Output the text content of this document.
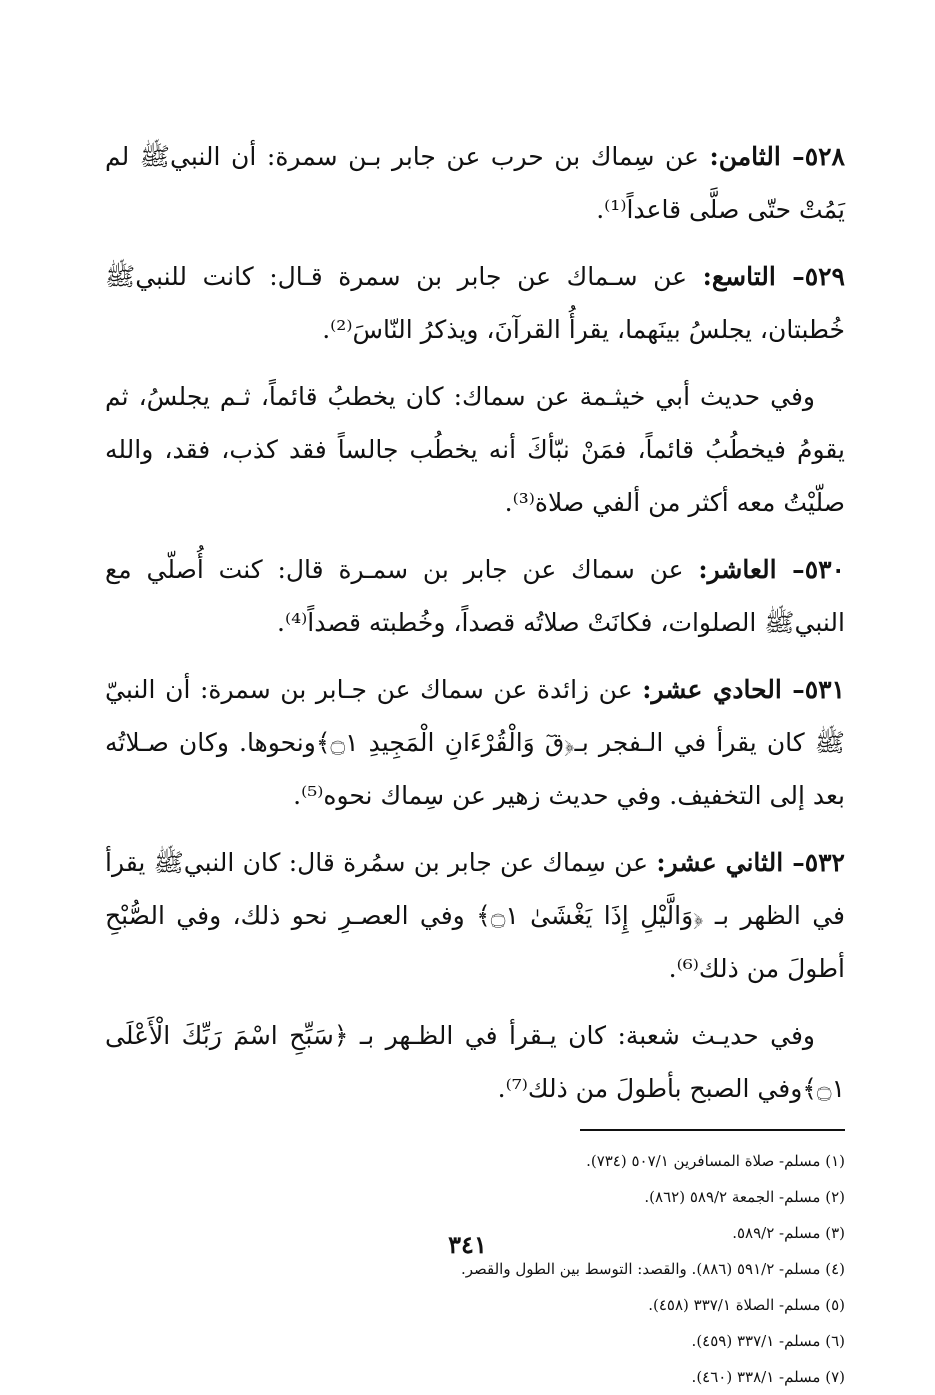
٥٢٨– الثامن: عن سِماك بن حرب عن جابر بـن سمرة: أن النبيﷺ لم يَمُتْ حتّى صلَّى قاعداً⁽¹⁾.

٥٢٩– التاسع: عن سـماك عن جابر بن سمرة قـال: كانت للنبيﷺ خُطبتان، يجلسُ بينَهما، يقرأُ القرآنَ، ويذكرُ النّاسَ⁽²⁾.

وفي حديث أبي خيثـمة عن سماك: كان يخطبُ قائماً، ثـم يجلسُ، ثم يقومُ فيخطُبُ قائماً، فمَنْ نبّأكَ أنه يخطُب جالساً فقد كذب، فقد، والله صلّيْتُ معه أكثر من ألفي صلاة⁽³⁾.

٥٣٠– العاشر: عن سماك عن جابر بن سمـرة قال: كنت أُصلّي مع النبيﷺ الصلوات، فكانَتْ صلاتُه قصداً، وخُطبته قصداً⁽⁴⁾.

٥٣١– الحادي عشر: عن زائدة عن سماك عن جـابر بن سمرة: أن النبيّ ﷺ كان يقرأ في الـفجر بـ﴿قٓ وَالْقُرْءَانِ الْمَجِيدِ ۝١﴾ونحوها. وكان صـلاتُه بعد إلى التخفيف. وفي حديث زهير عن سِماك نحوه⁽⁵⁾.

٥٣٢– الثاني عشر: عن سِماك عن جابر بن سمُرة قال: كان النبيﷺ يقرأ في الظهر بـ ﴿وَالَّيْلِ إِذَا يَغْشَىٰ ۝١﴾ وفي العصـرِ نحو ذلك، وفي الصُّبْحِ أطولَ من ذلك⁽⁶⁾.

وفي حديـث شعبة: كان يـقرأ في الظـهر بـ ﴿سَبِّحِ اسْمَ رَبِّكَ الْأَعْلَى ۝١﴾وفي الصبح بأطولَ من ذلك⁽⁷⁾.

(١) مسلم- صلاة المسافرين ٥٠٧/١ (٧٣٤).

(٢) مسلم- الجمعة ٥٨٩/٢ (٨٦٢).

(٣) مسلم- ٥٨٩/٢.

(٤) مسلم- ٥٩١/٢ (٨٨٦). والقصد: التوسط بين الطول والقصر.

(٥) مسلم- الصلاة ٣٣٧/١ (٤٥٨).

(٦) مسلم- ٣٣٧/١ (٤٥٩).

(٧) مسلم- ٣٣٨/١ (٤٦٠).

٣٤١
